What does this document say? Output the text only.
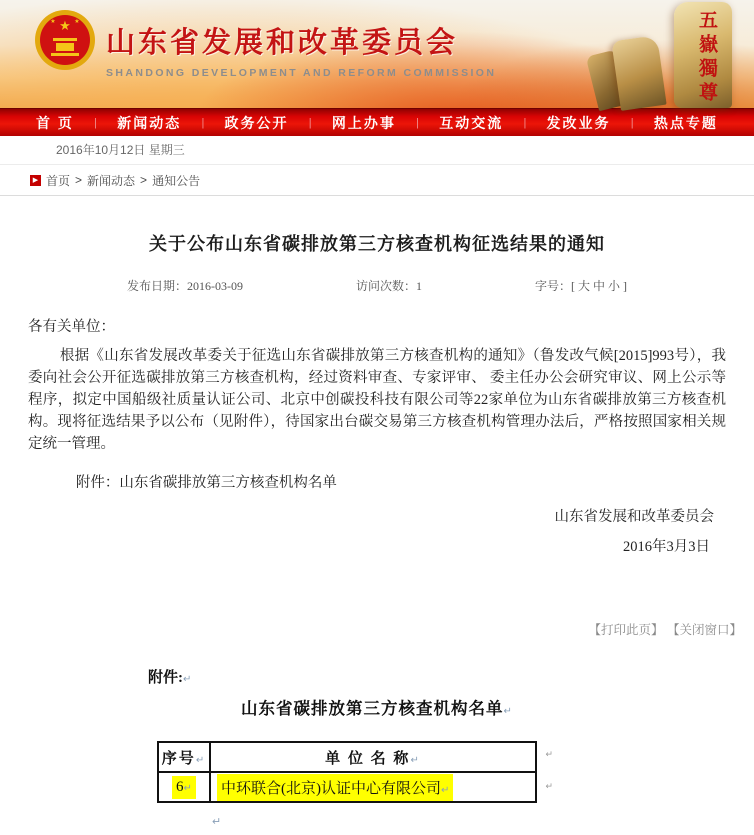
★
★	★
山东省发展和改革委员会
SHANDONG DEVELOPMENT AND REFORM COMMISSION	五嶽獨尊
首 页 | 新闻动态 | 政务公开 | 网上办事 | 互动交流 | 发改业务 | 热点专题
2016年10月12日 星期三
▶ 首页 > 新闻动态 > 通知公告
关于公布山东省碳排放第三方核查机构征选结果的通知
发布日期：2016-03-09	访问次数：1	字号：[ 大 中 小 ]
各有关单位：

根据《山东省发展改革委关于征选山东省碳排放第三方核查机构的通知》（鲁发改气候[2015]993号），我委向社会公开征选碳排放第三方核查机构，经过资料审查、专家评审、 委主任办公会研究审议、网上公示等程序，拟定中国船级社质量认证公司、北京中创碳投科技有限公司等22家单位为山东省碳排放第三方核查机构。现将征选结果予以公布（见附件），待国家出台碳交易第三方核查机构管理办法后，严格按照国家相关规定统一管理。

附件：山东省碳排放第三方核查机构名单
山东省发展和改革委员会
2016年3月3日
【打印此页】 【关闭窗口】
附件:↵
山东省碳排放第三方核查机构名单↵
序号↵	单 位 名 称↵
6↵	中环联合(北京)认证中心有限公司↵
↵
↵
↵
